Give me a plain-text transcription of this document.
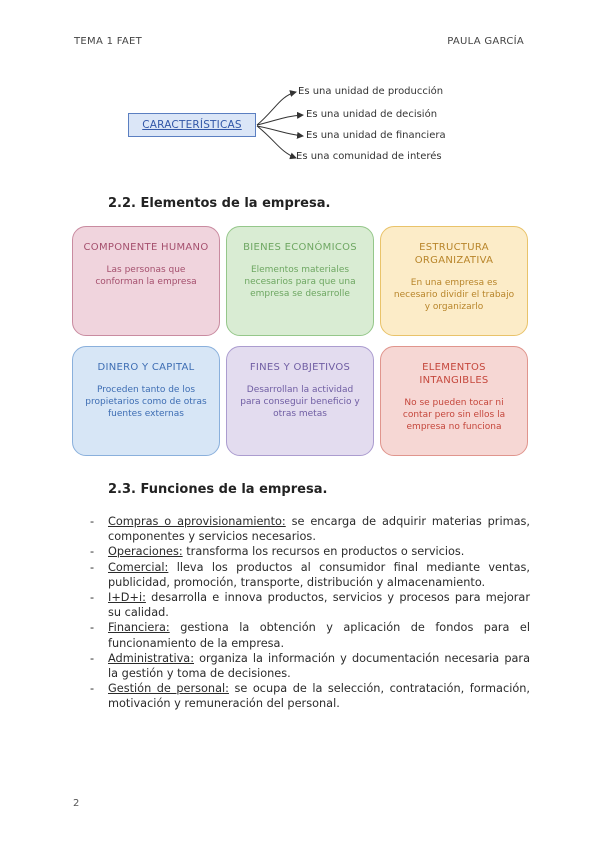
TEMA 1 FAET	PAULA GARCÍA
CARACTERÍSTICAS
Es una unidad de producción
Es una unidad de decisión
Es una unidad de financiera
Es una comunidad de interés
2.2. Elementos de la empresa.
COMPONENTE HUMANO
Las personas que conforman la empresa
BIENES ECONÓMICOS
Elementos materiales necesarios para que una empresa se desarrolle
ESTRUCTURA ORGANIZATIVA
En una empresa es necesario dividir el trabajo y organizarlo
DINERO Y CAPITAL
Proceden tanto de los propietarios como de otras fuentes externas
FINES Y OBJETIVOS
Desarrollan la actividad para conseguir beneficio y otras metas
ELEMENTOS INTANGIBLES
No se pueden tocar ni contar pero sin ellos la empresa no funciona
2.3. Funciones de la empresa.
- Compras o aprovisionamiento: se encarga de adquirir materias primas, componentes y servicios necesarios.
- Operaciones: transforma los recursos en productos o servicios.
- Comercial: lleva los productos al consumidor final mediante ventas, publicidad, promoción, transporte, distribución y almacenamiento.
- I+D+i: desarrolla e innova productos, servicios y procesos para mejorar su calidad.
- Financiera: gestiona la obtención y aplicación de fondos para el funcionamiento de la empresa.
- Administrativa: organiza la información y documentación necesaria para la gestión y toma de decisiones.
- Gestión de personal: se ocupa de la selección, contratación, formación, motivación y remuneración del personal.
2
